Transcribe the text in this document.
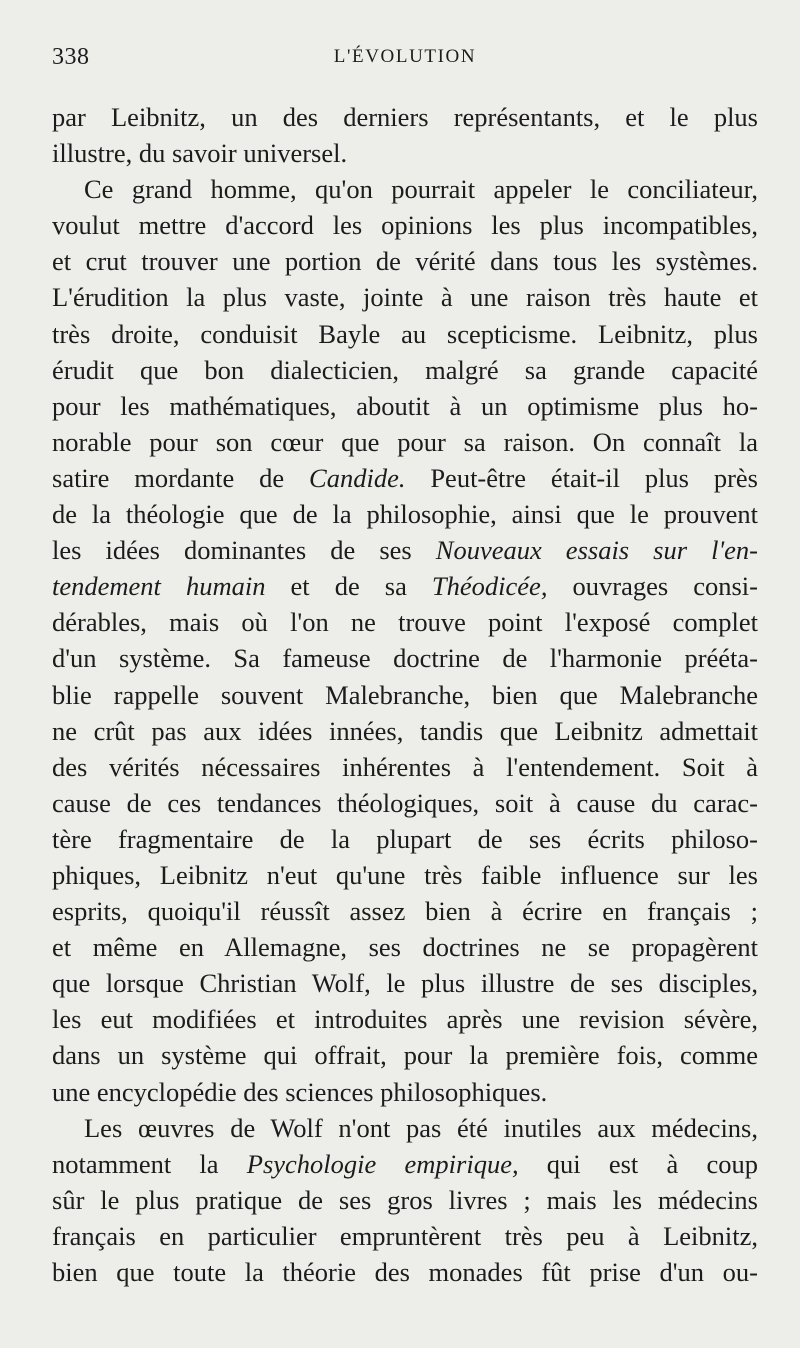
338	L'ÉVOLUTION
par Leibnitz, un des derniers représentants, et le plus
illustre, du savoir universel.
Ce grand homme, qu'on pourrait appeler le conciliateur,
voulut mettre d'accord les opinions les plus incompatibles,
et crut trouver une portion de vérité dans tous les systèmes.
L'érudition la plus vaste, jointe à une raison très haute et
très droite, conduisit Bayle au scepticisme. Leibnitz, plus
érudit que bon dialecticien, malgré sa grande capacité
pour les mathématiques, aboutit à un optimisme plus ho-
norable pour son cœur que pour sa raison. On connaît la
satire mordante de Candide. Peut-être était-il plus près
de la théologie que de la philosophie, ainsi que le prouvent
les idées dominantes de ses Nouveaux essais sur l'en-
tendement humain et de sa Théodicée, ouvrages consi-
dérables, mais où l'on ne trouve point l'exposé complet
d'un système. Sa fameuse doctrine de l'harmonie prééta-
blie rappelle souvent Malebranche, bien que Malebranche
ne crût pas aux idées innées, tandis que Leibnitz admettait
des vérités nécessaires inhérentes à l'entendement. Soit à
cause de ces tendances théologiques, soit à cause du carac-
tère fragmentaire de la plupart de ses écrits philoso-
phiques, Leibnitz n'eut qu'une très faible influence sur les
esprits, quoiqu'il réussît assez bien à écrire en français ;
et même en Allemagne, ses doctrines ne se propagèrent
que lorsque Christian Wolf, le plus illustre de ses disciples,
les eut modifiées et introduites après une revision sévère,
dans un système qui offrait, pour la première fois, comme
une encyclopédie des sciences philosophiques.
Les œuvres de Wolf n'ont pas été inutiles aux médecins,
notamment la Psychologie empirique, qui est à coup
sûr le plus pratique de ses gros livres ; mais les médecins
français en particulier empruntèrent très peu à Leibnitz,
bien que toute la théorie des monades fût prise d'un ou-
